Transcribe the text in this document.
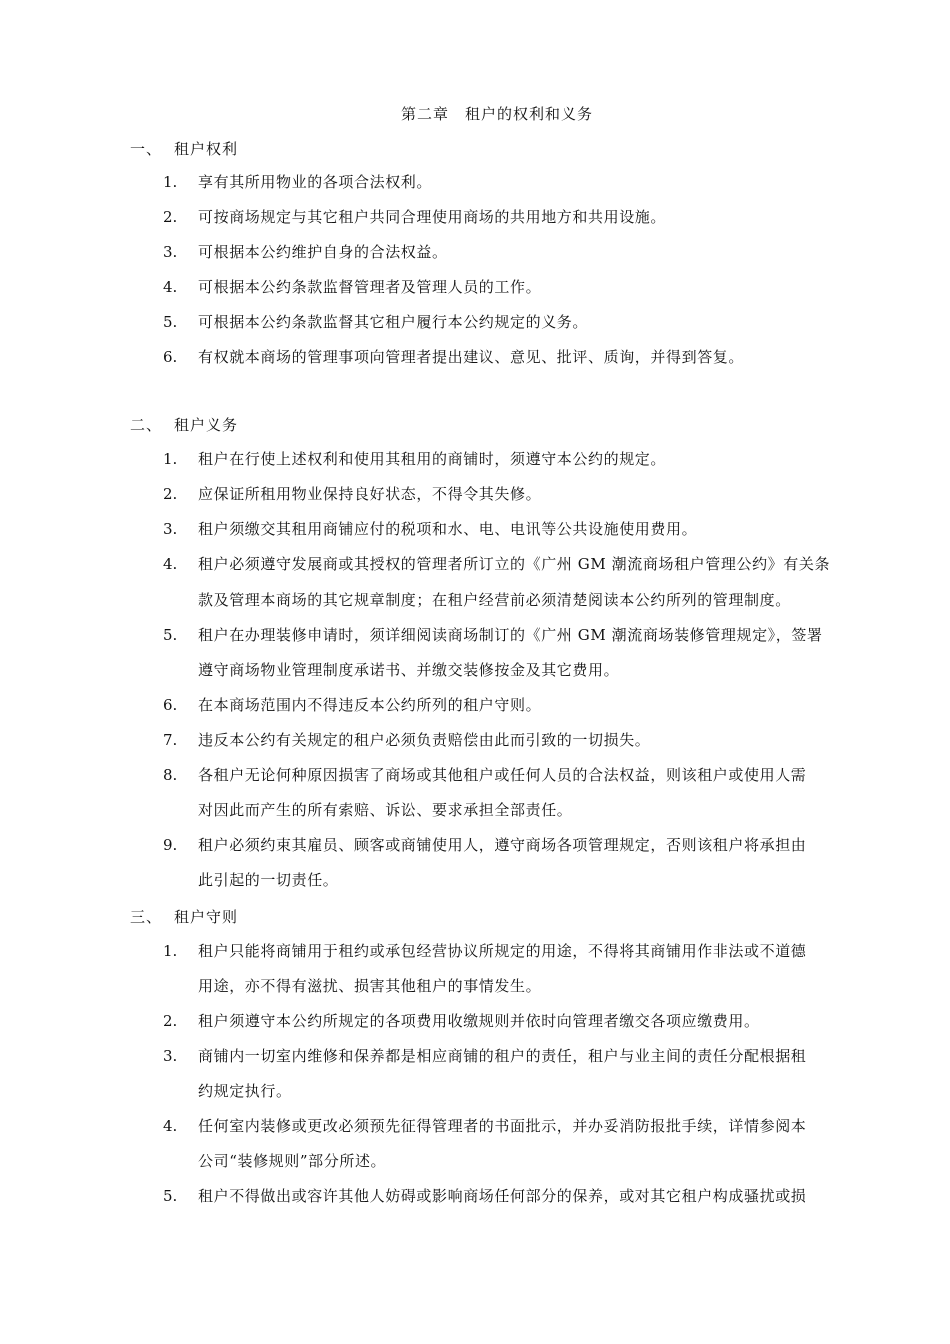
第二章　租户的权利和义务
一、 租户权利
1.	享有其所用物业的各项合法权利。
2.	可按商场规定与其它租户共同合理使用商场的共用地方和共用设施。
3.	可根据本公约维护自身的合法权益。
4.	可根据本公约条款监督管理者及管理人员的工作。
5.	可根据本公约条款监督其它租户履行本公约规定的义务。
6.	有权就本商场的管理事项向管理者提出建议、意见、批评、质询，并得到答复。
二、 租户义务
1.	租户在行使上述权利和使用其租用的商铺时，须遵守本公约的规定。
2.	应保证所租用物业保持良好状态，不得令其失修。
3.	租户须缴交其租用商铺应付的税项和水、电、电讯等公共设施使用费用。
4.	租户必须遵守发展商或其授权的管理者所订立的《广州 GM 潮流商场租户管理公约》有关条
款及管理本商场的其它规章制度；在租户经营前必须清楚阅读本公约所列的管理制度。
5.	租户在办理装修申请时，须详细阅读商场制订的《广州 GM 潮流商场装修管理规定》，签署
遵守商场物业管理制度承诺书、并缴交装修按金及其它费用。
6.	在本商场范围内不得违反本公约所列的租户守则。
7.	违反本公约有关规定的租户必须负责赔偿由此而引致的一切损失。
8.	各租户无论何种原因损害了商场或其他租户或任何人员的合法权益，则该租户或使用人需
对因此而产生的所有索赔、诉讼、要求承担全部责任。
9.	租户必须约束其雇员、顾客或商铺使用人，遵守商场各项管理规定，否则该租户将承担由
此引起的一切责任。
三、 租户守则
1.	租户只能将商铺用于租约或承包经营协议所规定的用途，不得将其商铺用作非法或不道德
用途，亦不得有滋扰、损害其他租户的事情发生。
2.	租户须遵守本公约所规定的各项费用收缴规则并依时向管理者缴交各项应缴费用。
3.	商铺内一切室内维修和保养都是相应商铺的租户的责任，租户与业主间的责任分配根据租
约规定执行。
4.	任何室内装修或更改必须预先征得管理者的书面批示，并办妥消防报批手续，详情参阅本
公司“装修规则”部分所述。
5.	租户不得做出或容许其他人妨碍或影响商场任何部分的保养，或对其它租户构成骚扰或损
